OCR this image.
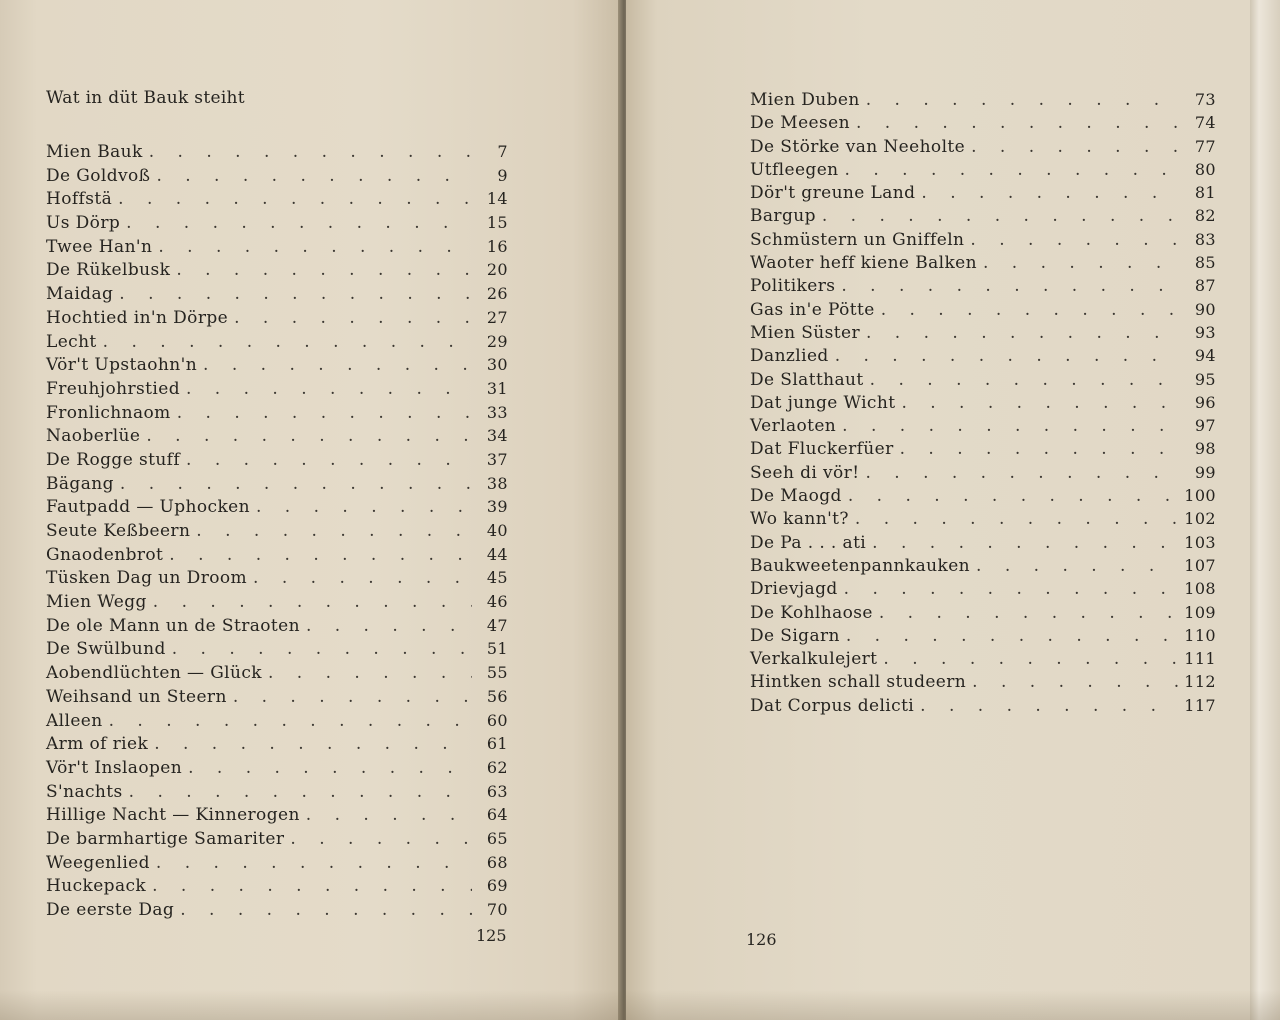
Wat in düt Bauk steiht
Mien Bauk . . .	7
De Goldvoß . . .	9
Hoffstä . . .	14
Us Dörp . . .	15
Twee Han'n . . .	16
De Rükelbusk . . .	20
Maidag . . .	26
Hochtied in'n Dörpe . . .	27
Lecht . . .	29
Vör't Upstaohn'n . . .	30
Freuhjohrstied . . .	31
Fronlichnaom . . .	33
Naoberlüe . . .	34
De Rogge stuff . . .	37
Bägang . . .	38
Fautpadd — Uphocken . . .	39
Seute Keßbeern . . .	40
Gnaodenbrot . . .	44
Tüsken Dag un Droom . . .	45
Mien Wegg . . .	46
De ole Mann un de Straoten . . .	47
De Swülbund . . .	51
Aobendlüchten — Glück . . .	55
Weihsand un Steern . . .	56
Alleen . . .	60
Arm of riek . . .	61
Vör't Inslaopen . . .	62
S'nachts . . .	63
Hillige Nacht — Kinnerogen . . .	64
De barmhartige Samariter . . .	65
Weegenlied . . .	68
Huckepack . . .	69
De eerste Dag . . .	70
125
Mien Duben . . .	73
De Meesen . . .	74
De Störke van Neeholte . . .	77
Utfleegen . . .	80
Dör't greune Land . . .	81
Bargup . . .	82
Schmüstern un Gniffeln . . .	83
Waoter heff kiene Balken . . .	85
Politikers . . .	87
Gas in'e Pötte . . .	90
Mien Süster . . .	93
Danzlied . . .	94
De Slatthaut . . .	95
Dat junge Wicht . . .	96
Verlaoten . . .	97
Dat Fluckerfüer . . .	98
Seeh di vör! . . .	99
De Maogd . . .	100
Wo kann't? . . .	102
De Pa . . . ati . . .	103
Baukweetenpannkauken . . .	107
Drievjagd . . .	108
De Kohlhaose . . .	109
De Sigarn . . .	110
Verkalkulejert . . .	111
Hintken schall studeern . . .	112
Dat Corpus delicti . . .	117
126
